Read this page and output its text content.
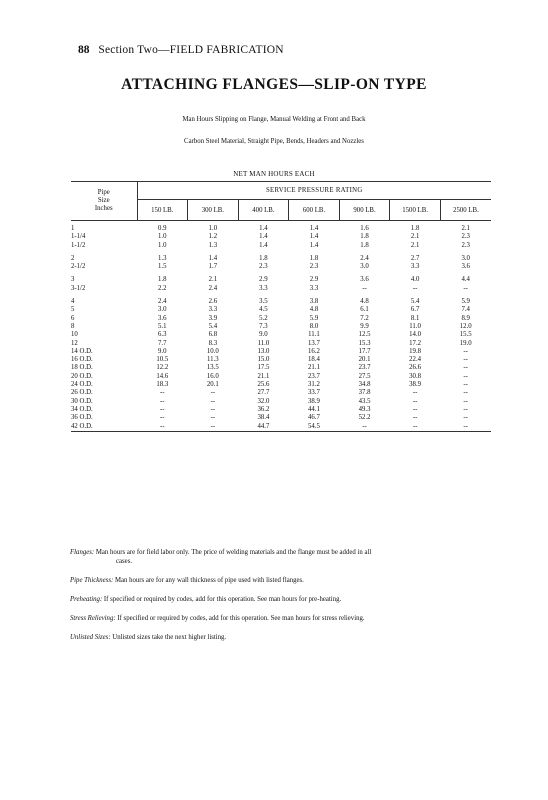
88 Section Two—FIELD FABRICATION
ATTACHING FLANGES—SLIP-ON TYPE
Man Hours Slipping on Flange, Manual Welding at Front and Back
Carbon Steel Material, Straight Pipe, Bends, Headers and Nozzles
NET MAN HOURS EACH
Pipe
Size
Inches	SERVICE PRESSURE RATING						
	150 LB.	300 LB.	400 LB.	600 LB.	900 LB.	1500 LB.	2500 LB.
1	0.9	1.0	1.4	1.4	1.6	1.8	2.1
1-1/4	1.0	1.2	1.4	1.4	1.8	2.1	2.3
1-1/2	1.0	1.3	1.4	1.4	1.8	2.1	2.3

2	1.3	1.4	1.8	1.8	2.4	2.7	3.0
2-1/2	1.5	1.7	2.3	2.3	3.0	3.3	3.6

3	1.8	2.1	2.9	2.9	3.6	4.0	4.4
3-1/2	2.2	2.4	3.3	3.3	--	--	--

4	2.4	2.6	3.5	3.8	4.8	5.4	5.9
5	3.0	3.3	4.5	4.8	6.1	6.7	7.4
6	3.6	3.9	5.2	5.9	7.2	8.1	8.9
8	5.1	5.4	7.3	8.0	9.9	11.0	12.0
10	6.3	6.8	9.0	11.1	12.5	14.0	15.5
12	7.7	8.3	11.0	13.7	15.3	17.2	19.0
14 O.D.	9.0	10.0	13.0	16.2	17.7	19.8	--
16 O.D.	10.5	11.3	15.0	18.4	20.1	22.4	--
18 O.D.	12.2	13.5	17.5	21.1	23.7	26.6	--
20 O.D.	14.6	16.0	21.1	23.7	27.5	30.8	--
24 O.D.	18.3	20.1	25.6	31.2	34.8	38.9	--
26 O.D.	--	--	27.7	33.7	37.8	--	--
30 O.D.	--	--	32.0	38.9	43.5	--	--
34 O.D.	--	--	36.2	44.1	49.3	--	--
36 O.D.	--	--	38.4	46.7	52.2	--	--
42 O.D.	--	--	44.7	54.5	--	--	--

Flanges: Man hours are for field labor only. The price of welding materials and the flange must be added in all
cases.
Pipe Thickness: Man hours are for any wall thickness of pipe used with listed flanges.
Preheating: If specified or required by codes, add for this operation. See man hours for pre-heating.
Stress Relieving: If specified or required by codes, add for this operation. See man hours for stress relieving.
Unlisted Sizes: Unlisted sizes take the next higher listing.
